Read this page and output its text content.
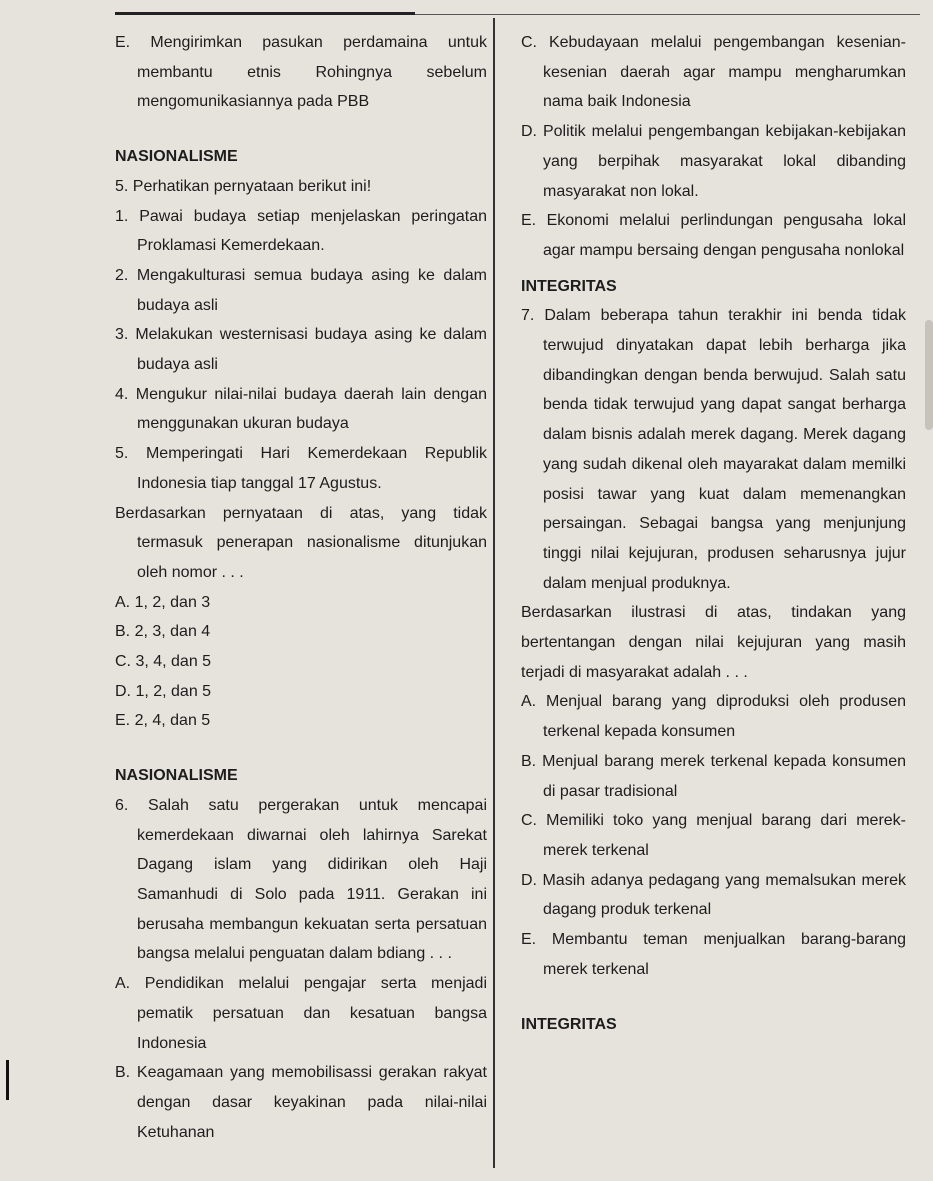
E. Mengirimkan pasukan perdamaina untuk membantu etnis Rohingnya sebelum mengomunikasiannya pada PBB

NASIONALISME

5. Perhatikan pernyataan berikut ini!

1. Pawai budaya setiap menjelaskan peringatan Proklamasi Kemerdekaan.

2. Mengakulturasi semua budaya asing ke dalam budaya asli

3. Melakukan westernisasi budaya asing ke dalam budaya asli

4. Mengukur nilai-nilai budaya daerah lain dengan menggunakan ukuran budaya

5. Memperingati Hari Kemerdekaan Republik Indonesia tiap tanggal 17 Agustus.

Berdasarkan pernyataan di atas, yang tidak termasuk penerapan nasionalisme ditunjukan oleh nomor . . .

A. 1, 2, dan 3

B. 2, 3, dan 4

C. 3, 4, dan 5

D. 1, 2, dan 5

E. 2, 4, dan 5

NASIONALISME

6. Salah satu pergerakan untuk mencapai kemerdekaan diwarnai oleh lahirnya Sarekat Dagang islam yang didirikan oleh Haji Samanhudi di Solo pada 1911. Gerakan ini berusaha membangun kekuatan serta persatuan bangsa melalui penguatan dalam bdiang . . .

A. Pendidikan melalui pengajar serta menjadi pematik persatuan dan kesatuan bangsa Indonesia

B. Keagamaan yang memobilisassi gerakan rakyat dengan dasar keyakinan pada nilai-nilai Ketuhanan

C. Kebudayaan melalui pengembangan kesenian-kesenian daerah agar mampu mengharumkan nama baik Indonesia

D. Politik melalui pengembangan kebijakan-kebijakan yang berpihak masyarakat lokal dibanding masyarakat non lokal.

E. Ekonomi melalui perlindungan pengusaha lokal agar mampu bersaing dengan pengusaha nonlokal

INTEGRITAS

7. Dalam beberapa tahun terakhir ini benda tidak terwujud dinyatakan dapat lebih berharga jika dibandingkan dengan benda berwujud. Salah satu benda tidak terwujud yang dapat sangat berharga dalam bisnis adalah merek dagang. Merek dagang yang sudah dikenal oleh mayarakat dalam memilki posisi tawar yang kuat dalam memenangkan persaingan. Sebagai bangsa yang menjunjung tinggi nilai kejujuran, produsen seharusnya jujur dalam menjual produknya.

Berdasarkan ilustrasi di atas, tindakan yang bertentangan dengan nilai kejujuran yang masih terjadi di masyarakat adalah . . .

A. Menjual barang yang diproduksi oleh produsen terkenal kepada konsumen

B. Menjual barang merek terkenal kepada konsumen di pasar tradisional

C. Memiliki toko yang menjual barang dari merek-merek terkenal

D. Masih adanya pedagang yang memalsukan merek dagang produk terkenal

E. Membantu teman menjualkan barang-barang merek terkenal

INTEGRITAS
